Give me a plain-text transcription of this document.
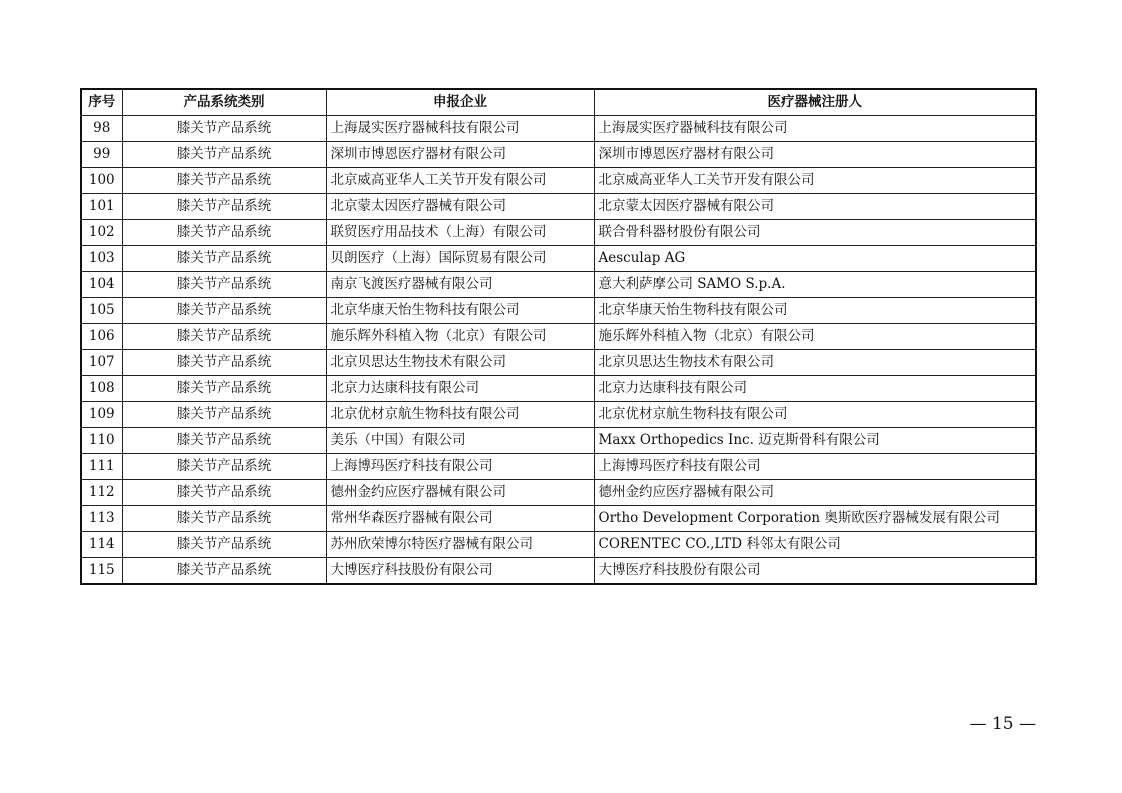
序号	产品系统类别	申报企业	医疗器械注册人
98	膝关节产品系统	上海晟实医疗器械科技有限公司	上海晟实医疗器械科技有限公司
99	膝关节产品系统	深圳市博恩医疗器材有限公司	深圳市博恩医疗器材有限公司
100	膝关节产品系统	北京威高亚华人工关节开发有限公司	北京威高亚华人工关节开发有限公司
101	膝关节产品系统	北京蒙太因医疗器械有限公司	北京蒙太因医疗器械有限公司
102	膝关节产品系统	联贸医疗用品技术（上海）有限公司	联合骨科器材股份有限公司
103	膝关节产品系统	贝朗医疗（上海）国际贸易有限公司	Aesculap AG
104	膝关节产品系统	南京飞渡医疗器械有限公司	意大利萨摩公司 SAMO S.p.A.
105	膝关节产品系统	北京华康天怡生物科技有限公司	北京华康天怡生物科技有限公司
106	膝关节产品系统	施乐辉外科植入物（北京）有限公司	施乐辉外科植入物（北京）有限公司
107	膝关节产品系统	北京贝思达生物技术有限公司	北京贝思达生物技术有限公司
108	膝关节产品系统	北京力达康科技有限公司	北京力达康科技有限公司
109	膝关节产品系统	北京优材京航生物科技有限公司	北京优材京航生物科技有限公司
110	膝关节产品系统	美乐（中国）有限公司	Maxx Orthopedics Inc. 迈克斯骨科有限公司
111	膝关节产品系统	上海博玛医疗科技有限公司	上海博玛医疗科技有限公司
112	膝关节产品系统	德州金约应医疗器械有限公司	德州金约应医疗器械有限公司
113	膝关节产品系统	常州华森医疗器械有限公司	Ortho Development Corporation 奥斯欧医疗器械发展有限公司
114	膝关节产品系统	苏州欣荣博尔特医疗器械有限公司	CORENTEC CO.,LTD 科邻太有限公司
115	膝关节产品系统	大博医疗科技股份有限公司	大博医疗科技股份有限公司
— 15 —
